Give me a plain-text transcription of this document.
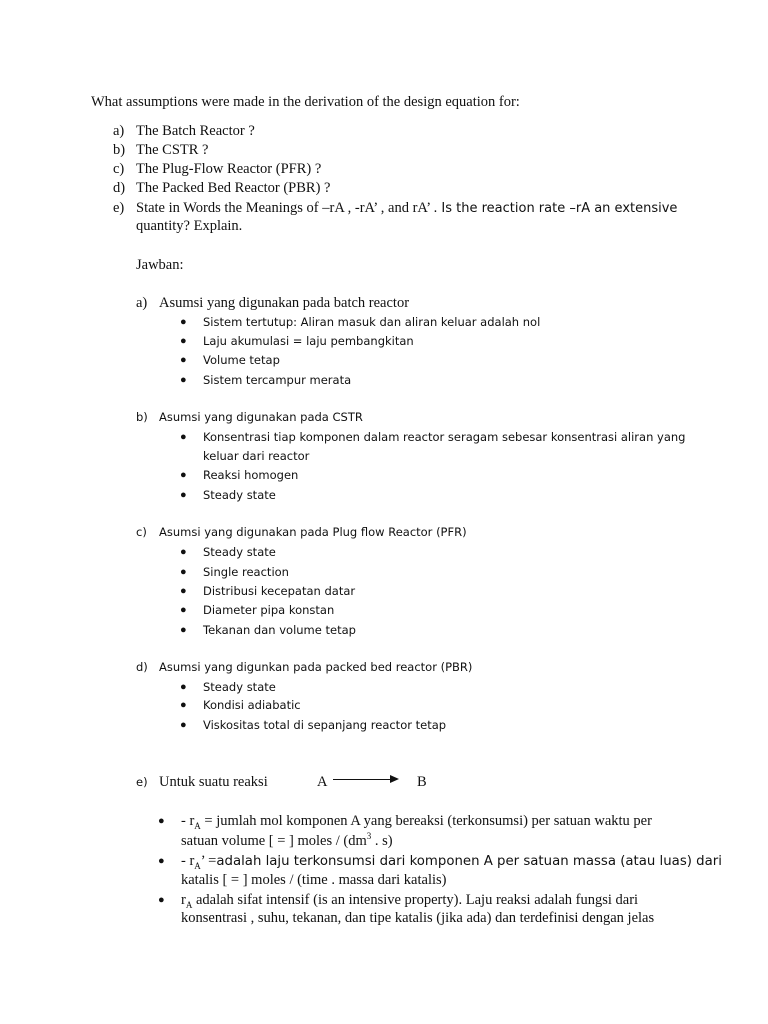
What assumptions were made in the derivation of the design equation for:
a) The Batch Reactor ?
b) The CSTR ?
c) The Plug-Flow Reactor (PFR) ?
d) The Packed Bed Reactor (PBR) ?
e) State in Words the Meanings of –rA , -rA’ , and rA’ . Is the reaction rate –rA an extensive
quantity? Explain.
Jawban:
a) Asumsi yang digunakan pada batch reactor
● Sistem tertutup: Aliran masuk dan aliran keluar adalah nol
● Laju akumulasi = laju pembangkitan
● Volume tetap
● Sistem tercampur merata
b) Asumsi yang digunakan pada CSTR
● Konsentrasi tiap komponen dalam reactor seragam sebesar konsentrasi aliran yang
keluar dari reactor
● Reaksi homogen
● Steady state
c) Asumsi yang digunakan pada Plug flow Reactor (PFR)
● Steady state
● Single reaction
● Distribusi kecepatan datar
● Diameter pipa konstan
● Tekanan dan volume tetap
d) Asumsi yang digunkan pada packed bed reactor (PBR)
● Steady state
● Kondisi adiabatic
● Viskositas total di sepanjang reactor tetap
e) Untuk suatu reaksi	A	B
● - $r_A$ = jumlah mol komponen A yang bereaksi (terkonsumsi) per satuan waktu per
satuan volume [ = ] moles / ($dm^3$ . s)
● - $r_A$’ =adalah laju terkonsumsi dari komponen A per satuan massa (atau luas) dari
katalis [ = ] moles / (time . massa dari katalis)
● $r_A$ adalah sifat intensif (is an intensive property). Laju reaksi adalah fungsi dari
konsentrasi , suhu, tekanan, dan tipe katalis (jika ada) dan terdefinisi dengan jelas
